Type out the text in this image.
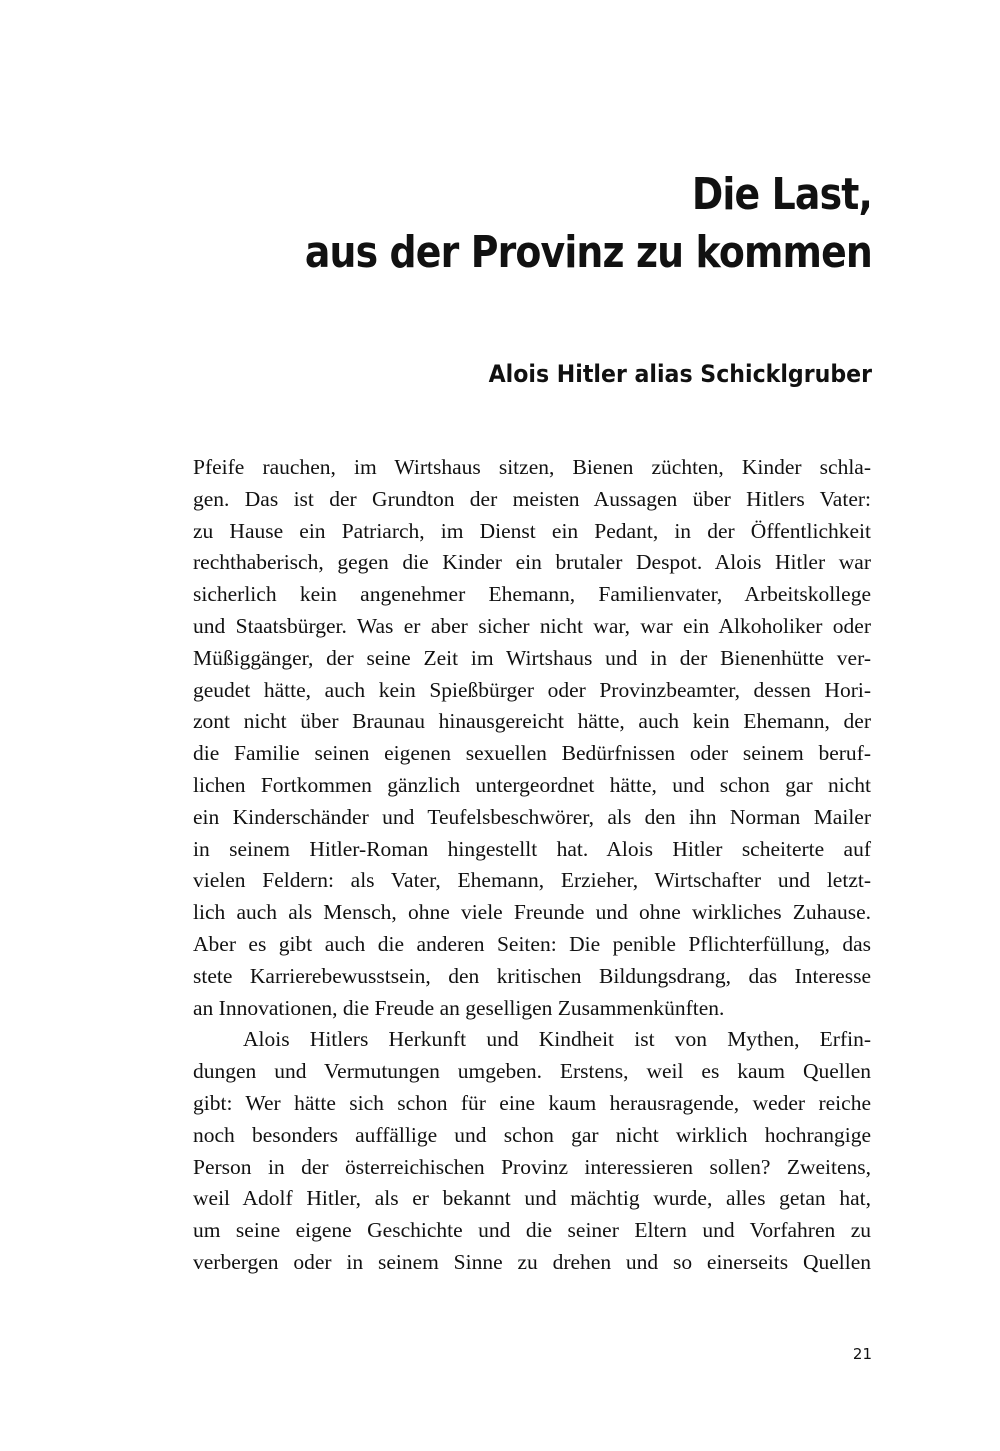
Die Last,
aus der Provinz zu kommen
Alois Hitler alias Schicklgruber
Pfeife rauchen, im Wirtshaus sitzen, Bienen züchten, Kinder schla-
gen. Das ist der Grundton der meisten Aussagen über Hitlers Vater:
zu Hause ein Patriarch, im Dienst ein Pedant, in der Öffentlichkeit
rechthaberisch, gegen die Kinder ein brutaler Despot. Alois Hitler war
sicherlich kein angenehmer Ehemann, Familienvater, Arbeitskollege
und Staatsbürger. Was er aber sicher nicht war, war ein Alkoholiker oder
Müßiggänger, der seine Zeit im Wirtshaus und in der Bienenhütte ver-
geudet hätte, auch kein Spießbürger oder Provinzbeamter, dessen Hori-
zont nicht über Braunau hinausgereicht hätte, auch kein Ehemann, der
die Familie seinen eigenen sexuellen Bedürfnissen oder seinem beruf-
lichen Fortkommen gänzlich untergeordnet hätte, und schon gar nicht
ein Kinderschänder und Teufelsbeschwörer, als den ihn Norman Mailer
in seinem Hitler-Roman hingestellt hat. Alois Hitler scheiterte auf
vielen Feldern: als Vater, Ehemann, Erzieher, Wirtschafter und letzt-
lich auch als Mensch, ohne viele Freunde und ohne wirkliches Zuhause.
Aber es gibt auch die anderen Seiten: Die penible Pflichterfüllung, das
stete Karrierebewusstsein, den kritischen Bildungsdrang, das Interesse
an Innovationen, die Freude an geselligen Zusammenkünften.
Alois Hitlers Herkunft und Kindheit ist von Mythen, Erfin-
dungen und Vermutungen umgeben. Erstens, weil es kaum Quellen
gibt: Wer hätte sich schon für eine kaum herausragende, weder reiche
noch besonders auffällige und schon gar nicht wirklich hochrangige
Person in der österreichischen Provinz interessieren sollen? Zweitens,
weil Adolf Hitler, als er bekannt und mächtig wurde, alles getan hat,
um seine eigene Geschichte und die seiner Eltern und Vorfahren zu
verbergen oder in seinem Sinne zu drehen und so einerseits Quellen
21
